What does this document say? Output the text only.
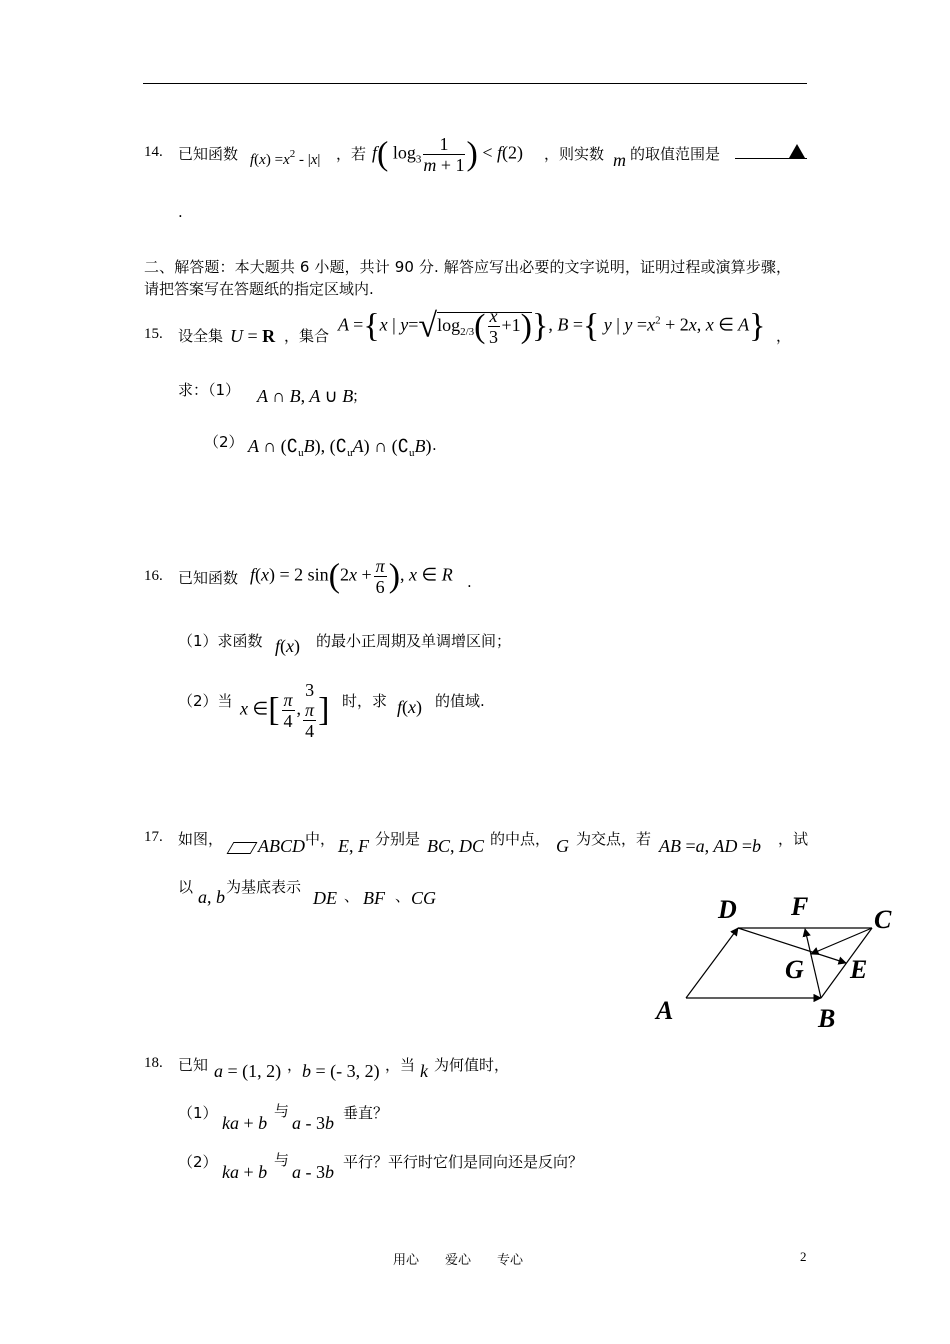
14. 已知函数 $f(x) =x^2 - |x|$ ，若 f( $\log_3 \frac{1}{m + 1}$ ) < f(2) ，则实数 m 的取值范围是
.
二、解答题：本大题共 6 小题，共计 90 分. 解答应写出必要的文字说明，证明过程或演算步骤，
请把答案写在答题纸的指定区域内.
15. 设全集 U = R ，集合
A ={x | $y=√\log_{2/3}( \frac{x}{3} +1)$}, B ={ y | $y =x^2 + 2x$, x ∈ A} ，
求：（1） A ∩ B, A ∪ B
；
（2） A ∩ $(∁_uB)$, $(∁_uA)$ ∩ $(∁_uB)$ .
16. 已知函数 f(x) = 2 $\sin(2x + \frac{\pi}{6}$ ), x ∈ R .
（1）求函数 f(x) 的最小正周期及单调增区间；
（2）当 x ∈[ $\frac{\pi}{4}$ , 3
π
4 ] 时，求 f(x) 的值域.
17. 如图，	ABCD 中， E, F 分别是 BC, DC 的中点， G 为交点，若 AB =a, AD =b ，试
以 a, b 为基底表示
DE 、 BF 、 CG	D F	C
G E
A	B
18. 已知 a = (1, 2) ， b = (- 3, 2) ，当 k 为何值时，
（1） ka + b
与
a - 3b 垂直？
（2） ka + b
与
a - 3b 平行？平行时它们是同向还是反向？
用心　　爱心　　专心	2
